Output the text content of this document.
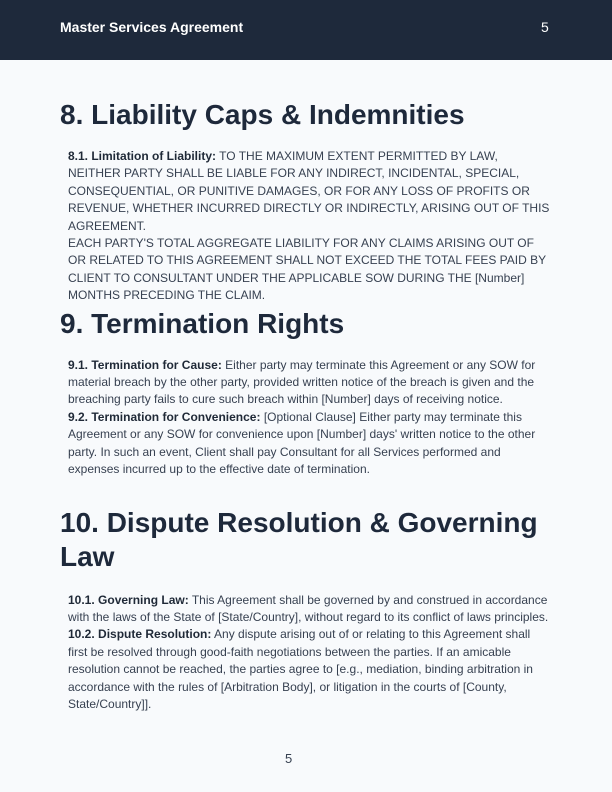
Master Services Agreement	5
8. Liability Caps & Indemnities

8.1. Limitation of Liability: TO THE MAXIMUM EXTENT PERMITTED BY LAW, NEITHER PARTY SHALL BE LIABLE FOR ANY INDIRECT, INCIDENTAL, SPECIAL, CONSEQUENTIAL, OR PUNITIVE DAMAGES, OR FOR ANY LOSS OF PROFITS OR REVENUE, WHETHER INCURRED DIRECTLY OR INDIRECTLY, ARISING OUT OF THIS AGREEMENT.

EACH PARTY'S TOTAL AGGREGATE LIABILITY FOR ANY CLAIMS ARISING OUT OF OR RELATED TO THIS AGREEMENT SHALL NOT EXCEED THE TOTAL FEES PAID BY CLIENT TO CONSULTANT UNDER THE APPLICABLE SOW DURING THE [Number] MONTHS PRECEDING THE CLAIM.

9. Termination Rights

9.1. Termination for Cause: Either party may terminate this Agreement or any SOW for material breach by the other party, provided written notice of the breach is given and the breaching party fails to cure such breach within [Number] days of receiving notice.

9.2. Termination for Convenience: [Optional Clause] Either party may terminate this Agreement or any SOW for convenience upon [Number] days' written notice to the other party. In such an event, Client shall pay Consultant for all Services performed and expenses incurred up to the effective date of termination.

10. Dispute Resolution & Governing Law

10.1. Governing Law: This Agreement shall be governed by and construed in accordance with the laws of the State of [State/Country], without regard to its conflict of laws principles.

10.2. Dispute Resolution: Any dispute arising out of or relating to this Agreement shall first be resolved through good-faith negotiations between the parties. If an amicable resolution cannot be reached, the parties agree to [e.g., mediation, binding arbitration in accordance with the rules of [Arbitration Body], or litigation in the courts of [County, State/Country]].

5
